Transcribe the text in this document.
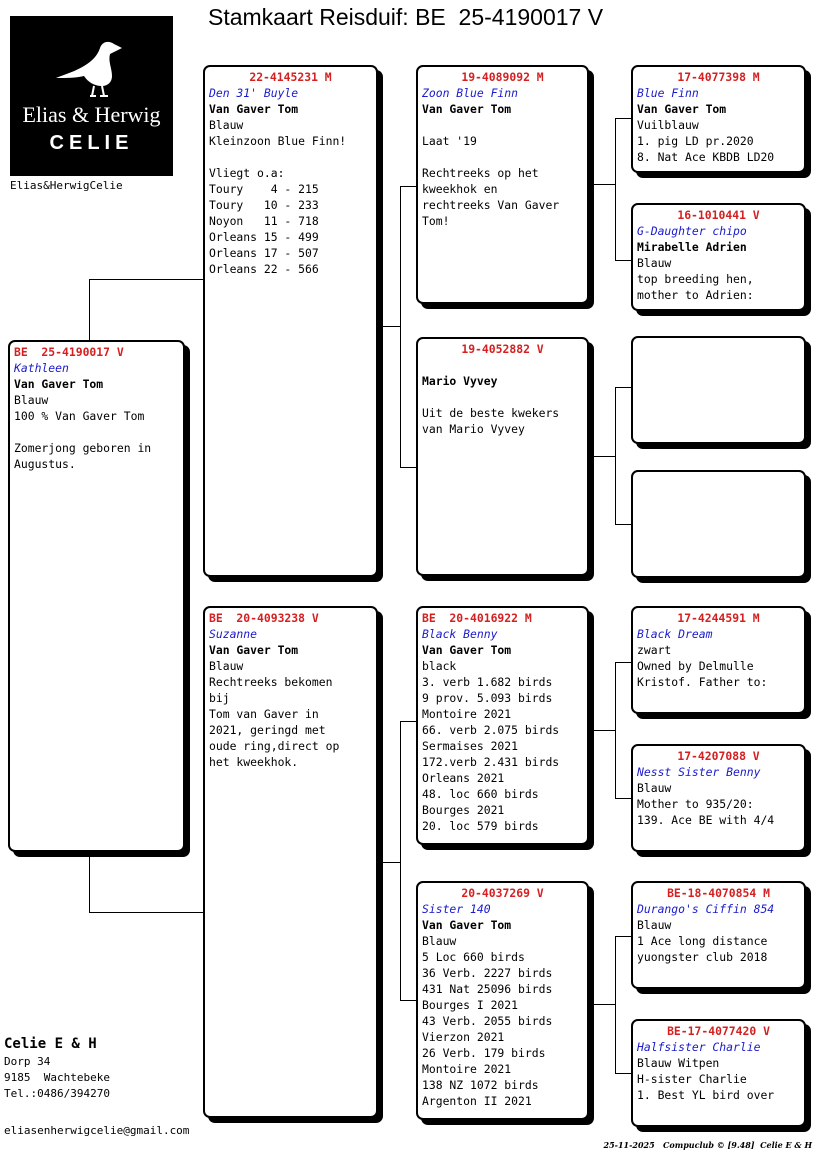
Stamkaart Reisduif: BE  25-4190017 V
Elias & Herwig
CELIE
Elias&HerwigCelie
BE  25-4190017 V
Kathleen
Van Gaver Tom
Blauw
100 % Van Gaver Tom
Zomerjong geboren in
Augustus.
22-4145231 M
Den 31' Buyle
Van Gaver Tom
Blauw
Kleinzoon Blue Finn!
Vliegt o.a:
Toury    4 - 215
Toury   10 - 233
Noyon   11 - 718
Orleans 15 - 499
Orleans 17 - 507
Orleans 22 - 566
BE  20-4093238 V
Suzanne
Van Gaver Tom
Blauw
Rechtreeks bekomen
bij
Tom van Gaver in
2021, geringd met
oude ring,direct op
het kweekhok.
19-4089092 M
Zoon Blue Finn
Van Gaver Tom
Laat '19
Rechtreeks op het
kweekhok en
rechtreeks Van Gaver
Tom!
19-4052882 V
Mario Vyvey
Uit de beste kwekers
van Mario Vyvey
BE  20-4016922 M
Black Benny
Van Gaver Tom
black
3. verb 1.682 birds
9 prov. 5.093 birds
Montoire 2021
66. verb 2.075 birds
Sermaises 2021
172.verb 2.431 birds
Orleans 2021
48. loc 660 birds
Bourges 2021
20. loc 579 birds
20-4037269 V
Sister 140
Van Gaver Tom
Blauw
5 Loc 660 birds
36 Verb. 2227 birds
431 Nat 25096 birds
Bourges I 2021
43 Verb. 2055 birds
Vierzon 2021
26 Verb. 179 birds
Montoire 2021
138 NZ 1072 birds
Argenton II 2021
17-4077398 M
Blue Finn
Van Gaver Tom
Vuilblauw
1. pig LD pr.2020
8. Nat Ace KBDB LD20
16-1010441 V
G-Daughter chipo
Mirabelle Adrien
Blauw
top breeding hen,
mother to Adrien:
17-4244591 M
Black Dream
zwart
Owned by Delmulle
Kristof. Father to:
17-4207088 V
Nesst Sister Benny
Blauw
Mother to 935/20:
139. Ace BE with 4/4
BE-18-4070854 M
Durango's Ciffin 854
Blauw
1 Ace long distance
yuongster club 2018
BE-17-4077420 V
Halfsister Charlie
Blauw Witpen
H-sister Charlie
1. Best YL bird over
Celie E & H
Dorp 34
9185  Wachtebeke
Tel.:0486/394270
eliasenherwigcelie@gmail.com
25-11-2025   Compuclub © [9.48]  Celie E & H
